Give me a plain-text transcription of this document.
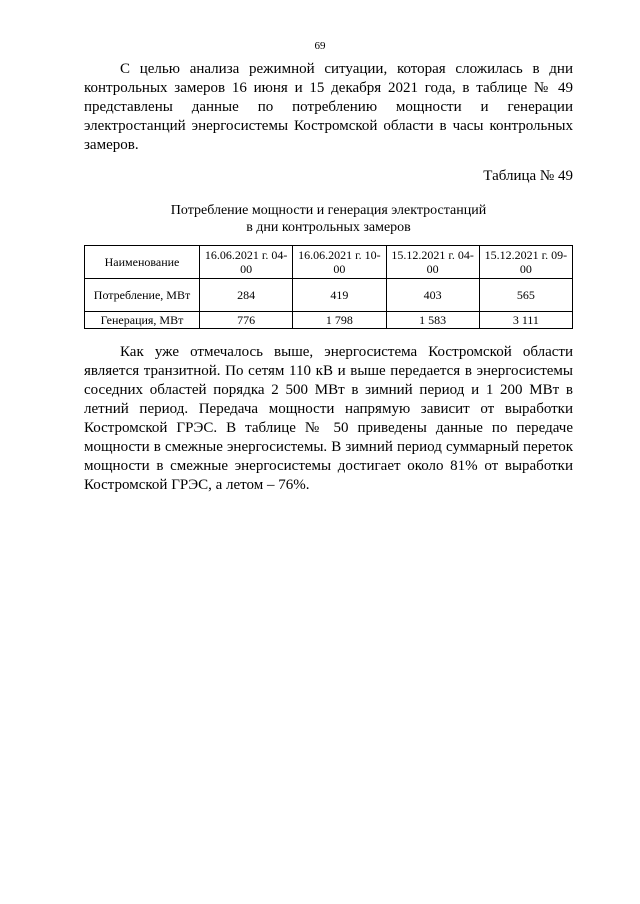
69

С целью анализа режимной ситуации, которая сложилась в дни контрольных замеров 16 июня и 15 декабря 2021 года, в таблице № 49 представлены данные по потреблению мощности и генерации электростанций энергосистемы Костромской области в часы контрольных замеров.

Таблица № 49
Потребление мощности и генерация электростанций
в дни контрольных замеров
Наименование	16.06.2021 г. 04-00	16.06.2021 г. 10-00	15.12.2021 г. 04-00	15.12.2021 г. 09-00
Потребление, МВт	284	419	403	565
Генерация, МВт	776	1 798	1 583	3 111

Как уже отмечалось выше, энергосистема Костромской области является транзитной. По сетям 110 кВ и выше передается в энергосистемы соседних областей порядка 2 500 МВт в зимний период и 1 200 МВт в летний период. Передача мощности напрямую зависит от выработки Костромской ГРЭС. В таблице № 50 приведены данные по передаче мощности в смежные энергосистемы. В зимний период суммарный переток мощности в смежные энергосистемы достигает около 81% от выработки Костромской ГРЭС, а летом – 76%.
